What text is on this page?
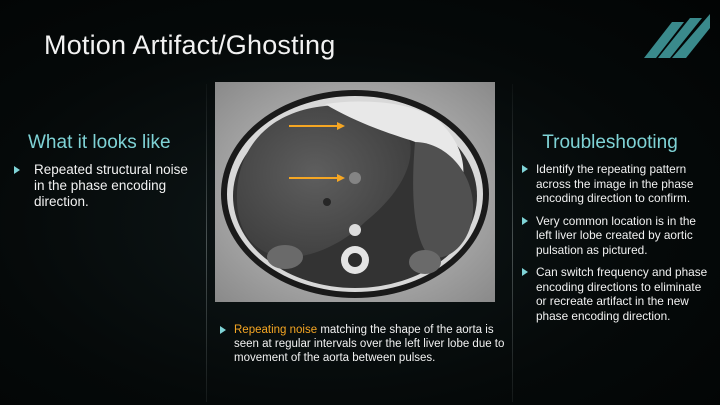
Motion Artifact/Ghosting
What it looks like
Repeated structural noise in the phase encoding direction.
Repeating noise matching the shape of the aorta is seen at regular intervals over the left liver lobe due to movement of the aorta between pulses.
Troubleshooting
Identify the repeating pattern across the image in the phase encoding direction to confirm.
Very common location is in the left liver lobe created by aortic pulsation as pictured.
Can switch frequency and phase encoding directions to eliminate or recreate artifact in the new phase encoding direction.
